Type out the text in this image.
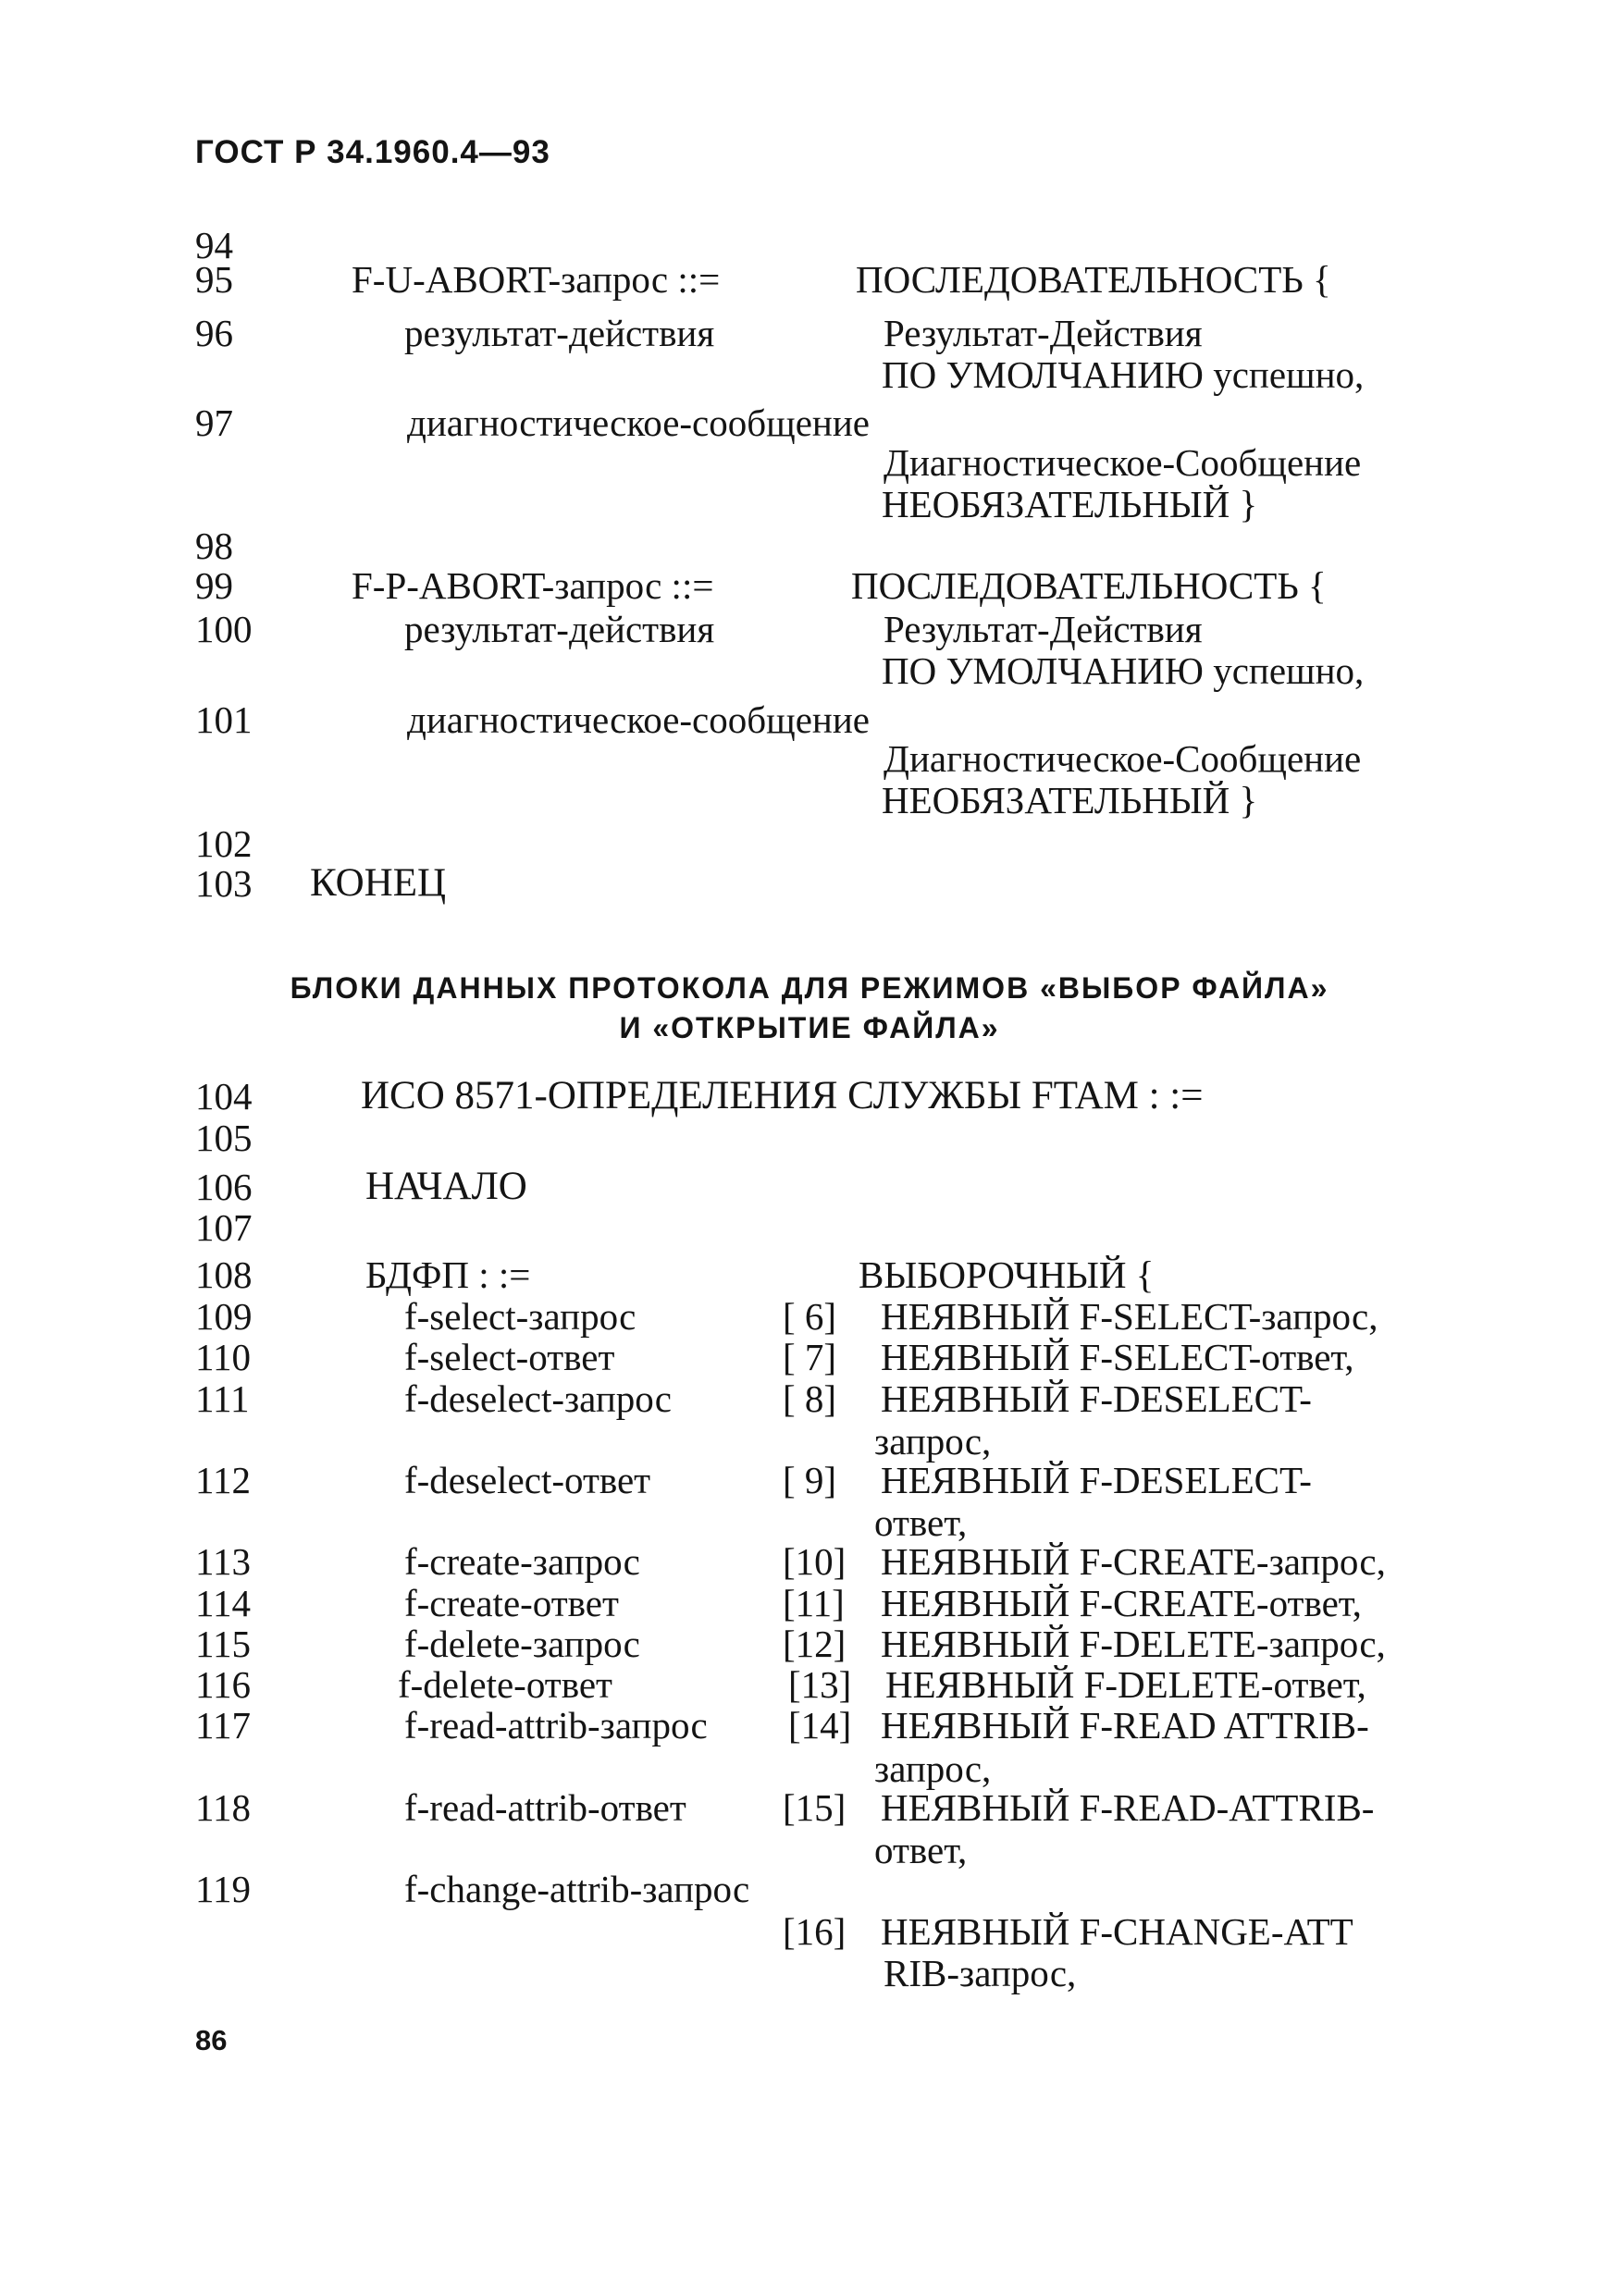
ГОСТ Р 34.1960.4—93
94
95	F-U-ABORT-запрос ::=	ПОСЛЕДОВАТЕЛЬНОСТЬ {
96	результат-действия	Результат-Действия
ПО УМОЛЧАНИЮ успешно,
97	диагностическое-сообщение
Диагностическое-Сообщение
НЕОБЯЗАТЕЛЬНЫЙ }
98
99	F-P-ABORT-запрос ::=	ПОСЛЕДОВАТЕЛЬНОСТЬ {
100	результат-действия	Результат-Действия
ПО УМОЛЧАНИЮ успешно,
101	диагностическое-сообщение
Диагностическое-Сообщение
НЕОБЯЗАТЕЛЬНЫЙ }
102
103 КОНЕЦ
БЛОКИ ДАННЫХ ПРОТОКОЛА ДЛЯ РЕЖИМОВ «ВЫБОР ФАЙЛА»
И «ОТКРЫТИЕ ФАЙЛА»
104	ИСО 8571-ОПРЕДЕЛЕНИЯ СЛУЖБЫ FTAM : :=
105
106	НАЧАЛО
107
108	БДФП : :=	ВЫБОРОЧНЫЙ {
109	f-select-запрос	[ 6] НЕЯВНЫЙ F-SELECT-запрос,
110	f-select-ответ	[ 7] НЕЯВНЫЙ F-SELECT-ответ,
111	f-deselect-запрос	[ 8] НЕЯВНЫЙ F-DESELECT-
запрос,
112	f-deselect-ответ	[ 9] НЕЯВНЫЙ F-DESELECT-
ответ,
113	f-create-запрос	[10] НЕЯВНЫЙ F-CREATE-запрос,
114	f-create-ответ	[11] НЕЯВНЫЙ F-CREATE-ответ,
115	f-delete-запрос	[12] НЕЯВНЫЙ F-DELETE-запрос,
116	f-delete-ответ	[13] НЕЯВНЫЙ F-DELETE-ответ,
117	f-read-attrib-запрос [14] НЕЯВНЫЙ F-READ ATTRIB-
запрос,
118	f-read-attrib-ответ	[15] НЕЯВНЫЙ F-READ-ATTRIB-
ответ,
119	f-change-attrib-запрос
[16] НЕЯВНЫЙ F-CHANGE-ATT
RIB-запрос,
86
